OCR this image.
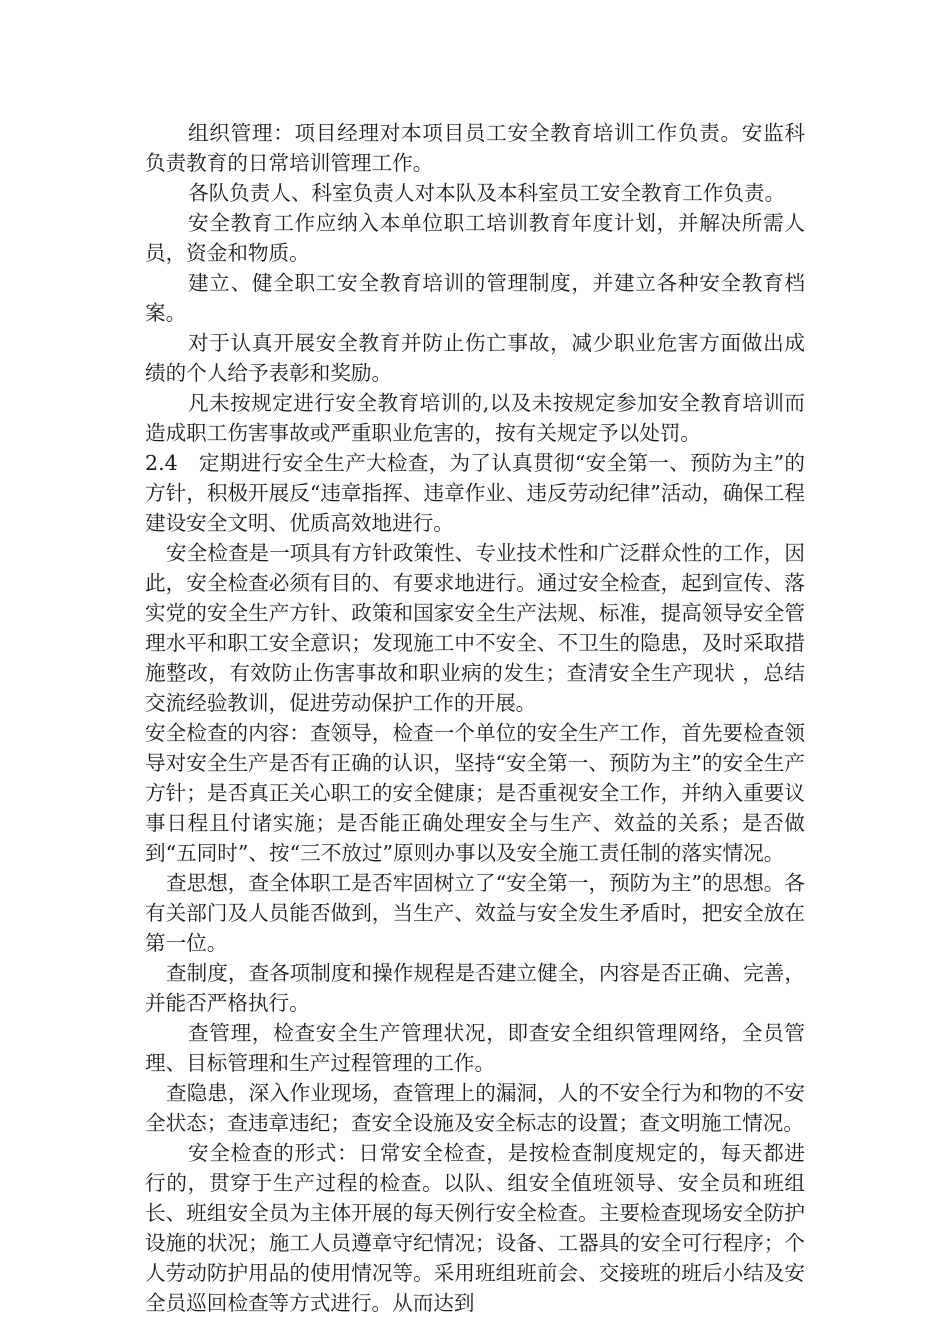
组织管理：项目经理对本项目员工安全教育培训工作负责。安监科负责教育的日常培训管理工作。

各队负责人、科室负责人对本队及本科室员工安全教育工作负责。

安全教育工作应纳入本单位职工培训教育年度计划，并解决所需人员，资金和物质。

建立、健全职工安全教育培训的管理制度，并建立各种安全教育档案。

对于认真开展安全教育并防止伤亡事故，减少职业危害方面做出成绩的个人给予表彰和奖励。

凡未按规定进行安全教育培训的,以及未按规定参加安全教育培训而造成职工伤害事故或严重职业危害的，按有关规定予以处罚。

2.4　定期进行安全生产大检查，为了认真贯彻“安全第一、预防为主”的方针，积极开展反“违章指挥、违章作业、违反劳动纪律”活动，确保工程建设安全文明、优质高效地进行。

安全检查是一项具有方针政策性、专业技术性和广泛群众性的工作，因此，安全检查必须有目的、有要求地进行。通过安全检查，起到宣传、落实党的安全生产方针、政策和国家安全生产法规、标准，提高领导安全管理水平和职工安全意识；发现施工中不安全、不卫生的隐患，及时采取措施整改，有效防止伤害事故和职业病的发生；查清安全生产现状 ，总结交流经验教训，促进劳动保护工作的开展。

安全检查的内容：查领导，检查一个单位的安全生产工作，首先要检查领导对安全生产是否有正确的认识，坚持“安全第一、预防为主”的安全生产方针；是否真正关心职工的安全健康；是否重视安全工作，并纳入重要议事日程且付诸实施；是否能正确处理安全与生产、效益的关系；是否做到“五同时”、按“三不放过”原则办事以及安全施工责任制的落实情况。

查思想，查全体职工是否牢固树立了“安全第一，预防为主”的思想。各有关部门及人员能否做到，当生产、效益与安全发生矛盾时，把安全放在第一位。

查制度，查各项制度和操作规程是否建立健全，内容是否正确、完善，并能否严格执行。

查管理，检查安全生产管理状况，即查安全组织管理网络，全员管理、目标管理和生产过程管理的工作。

查隐患，深入作业现场，查管理上的漏洞，人的不安全行为和物的不安全状态；查违章违纪；查安全设施及安全标志的设置；查文明施工情况。

安全检查的形式：日常安全检查，是按检查制度规定的，每天都进行的，贯穿于生产过程的检查。以队、组安全值班领导、安全员和班组长、班组安全员为主体开展的每天例行安全检查。主要检查现场安全防护设施的状况；施工人员遵章守纪情况；设备、工器具的安全可行程序；个人劳动防护用品的使用情况等。采用班组班前会、交接班的班后小结及安全员巡回检查等方式进行。从而达到
